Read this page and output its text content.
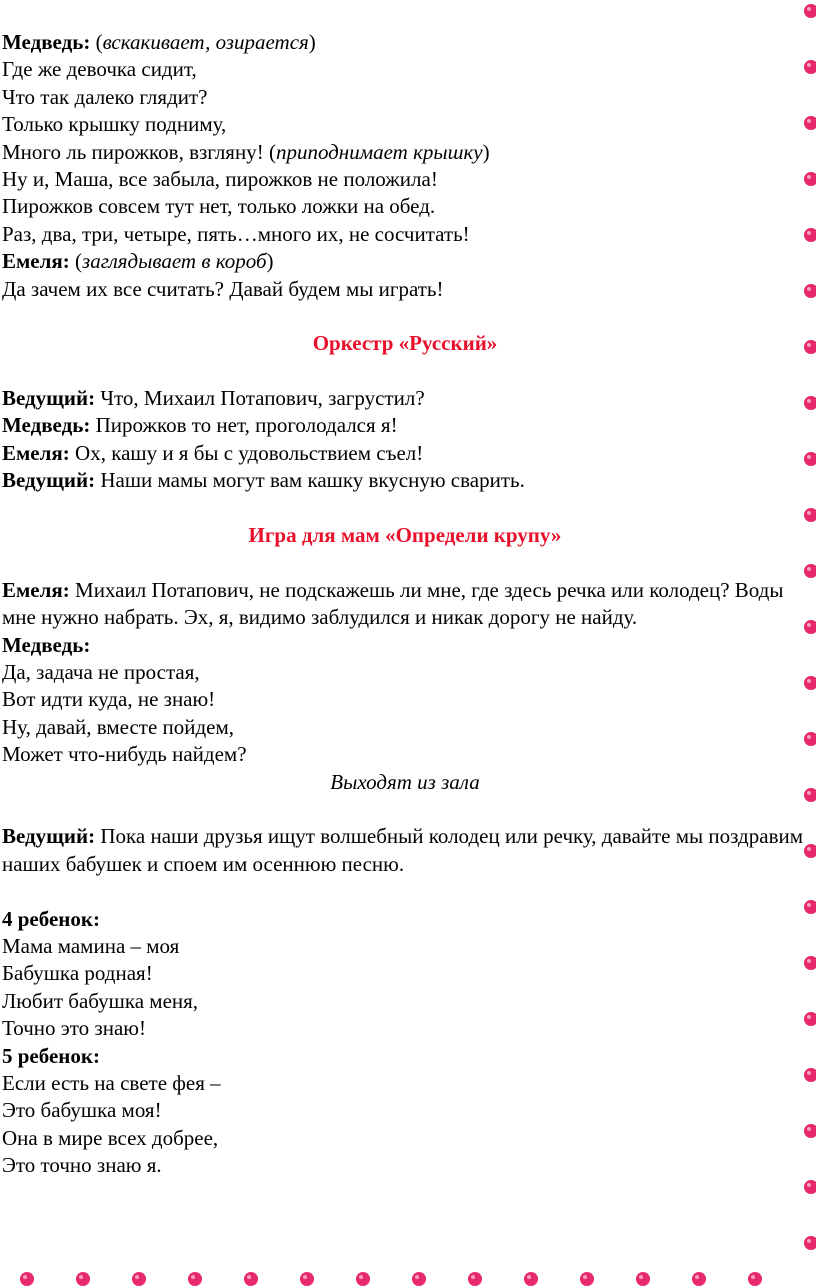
Медведь: (вскакивает, озирается)
Где же девочка сидит,
Что так далеко глядит?
Только крышку подниму,
Много ль пирожков, взгляну! (приподнимает крышку)
Ну и, Маша, все забыла, пирожков не положила!
Пирожков совсем тут нет, только ложки на обед.
Раз, два, три, четыре, пять…много их, не сосчитать!
Емеля: (заглядывает в короб)
Да зачем их все считать? Давай будем мы играть!
Оркестр «Русский»
Ведущий: Что, Михаил Потапович, загрустил?
Медведь: Пирожков то нет, проголодался я!
Емеля: Ох, кашу и я бы с удовольствием съел!
Ведущий: Наши мамы могут вам кашку вкусную сварить.
Игра для мам «Определи крупу»
Емеля: Михаил Потапович, не подскажешь ли мне, где здесь речка или колодец? Воды мне нужно набрать. Эх, я, видимо заблудился и никак дорогу не найду.
Медведь:
Да, задача не простая,
Вот идти куда, не знаю!
Ну, давай, вместе пойдем,
Может что-нибудь найдем?
Выходят из зала
Ведущий: Пока наши друзья ищут волшебный колодец или речку, давайте мы поздравим наших бабушек и споем им осеннюю песню.
4 ребенок:
Мама мамина – моя
Бабушка родная!
Любит бабушка меня,
Точно это знаю!
5 ребенок:
Если есть на свете фея –
Это бабушка моя!
Она в мире всех добрее,
Это точно знаю я.
